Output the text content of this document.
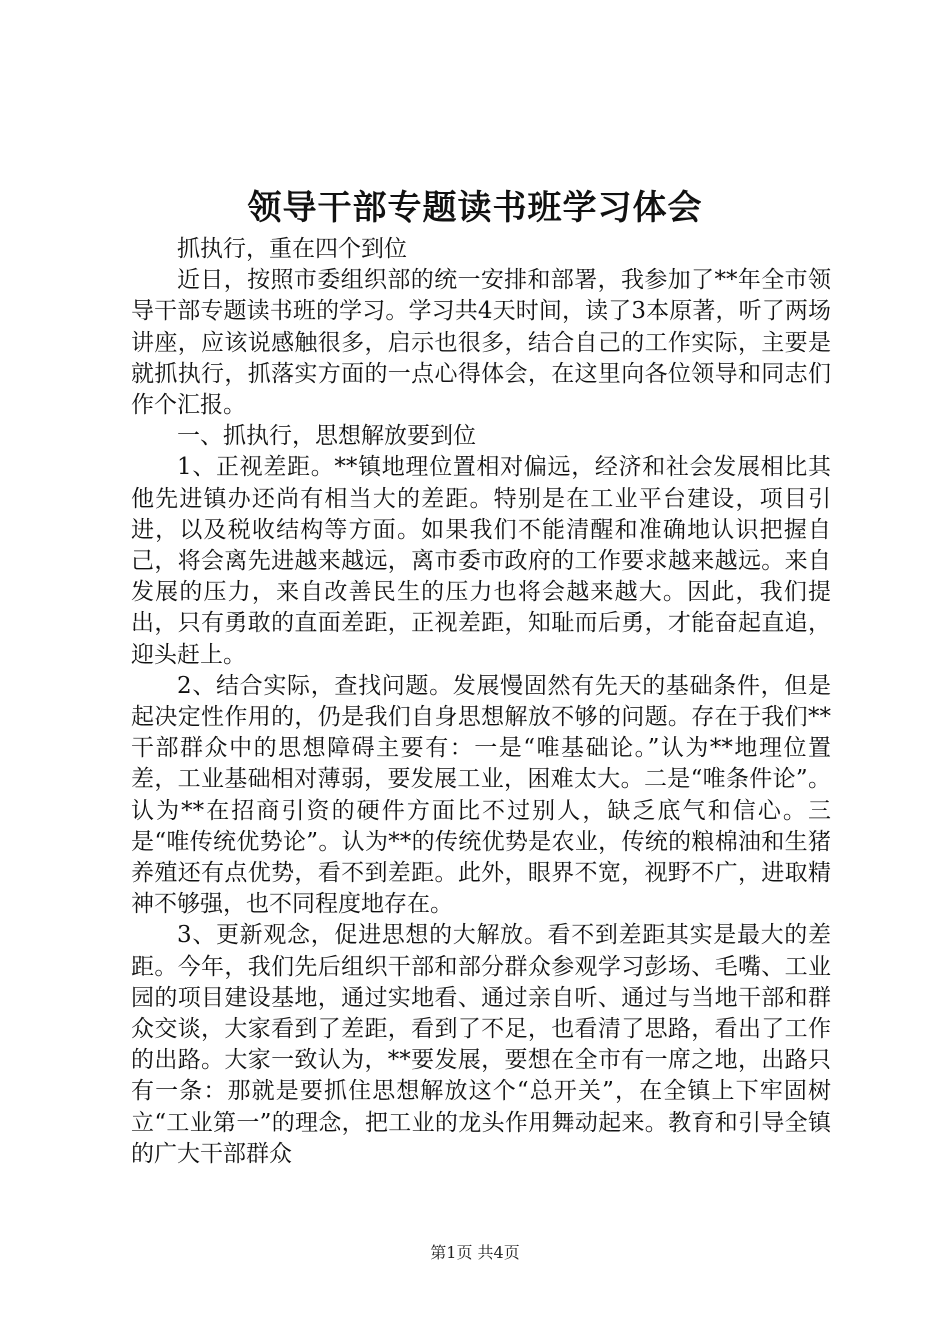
领导干部专题读书班学习体会

抓执行，重在四个到位

近日，按照市委组织部的统一安排和部署，我参加了**年全市领导干部专题读书班的学习。学习共4天时间，读了3本原著，听了两场讲座，应该说感触很多，启示也很多，结合自己的工作实际，主要是就抓执行，抓落实方面的一点心得体会，在这里向各位领导和同志们作个汇报。

一、抓执行，思想解放要到位

1、正视差距。**镇地理位置相对偏远，经济和社会发展相比其他先进镇办还尚有相当大的差距。特别是在工业平台建设，项目引进，以及税收结构等方面。如果我们不能清醒和准确地认识把握自己，将会离先进越来越远，离市委市政府的工作要求越来越远。来自发展的压力，来自改善民生的压力也将会越来越大。因此，我们提出，只有勇敢的直面差距，正视差距，知耻而后勇，才能奋起直追，迎头赶上。

2、结合实际，查找问题。发展慢固然有先天的基础条件，但是起决定性作用的，仍是我们自身思想解放不够的问题。存在于我们**干部群众中的思想障碍主要有：一是“唯基础论。”认为**地理位置差，工业基础相对薄弱，要发展工业，困难太大。二是“唯条件论”。认为**在招商引资的硬件方面比不过别人，缺乏底气和信心。三是“唯传统优势论”。认为**的传统优势是农业，传统的粮棉油和生猪养殖还有点优势，看不到差距。此外，眼界不宽，视野不广，进取精神不够强，也不同程度地存在。

3、更新观念，促进思想的大解放。看不到差距其实是最大的差距。今年，我们先后组织干部和部分群众参观学习彭场、毛嘴、工业园的项目建设基地，通过实地看、通过亲自听、通过与当地干部和群众交谈，大家看到了差距，看到了不足，也看清了思路，看出了工作的出路。大家一致认为，**要发展，要想在全市有一席之地，出路只有一条：那就是要抓住思想解放这个“总开关”，在全镇上下牢固树立“工业第一”的理念，把工业的龙头作用舞动起来。教育和引导全镇的广大干部群众

第1页 共4页
